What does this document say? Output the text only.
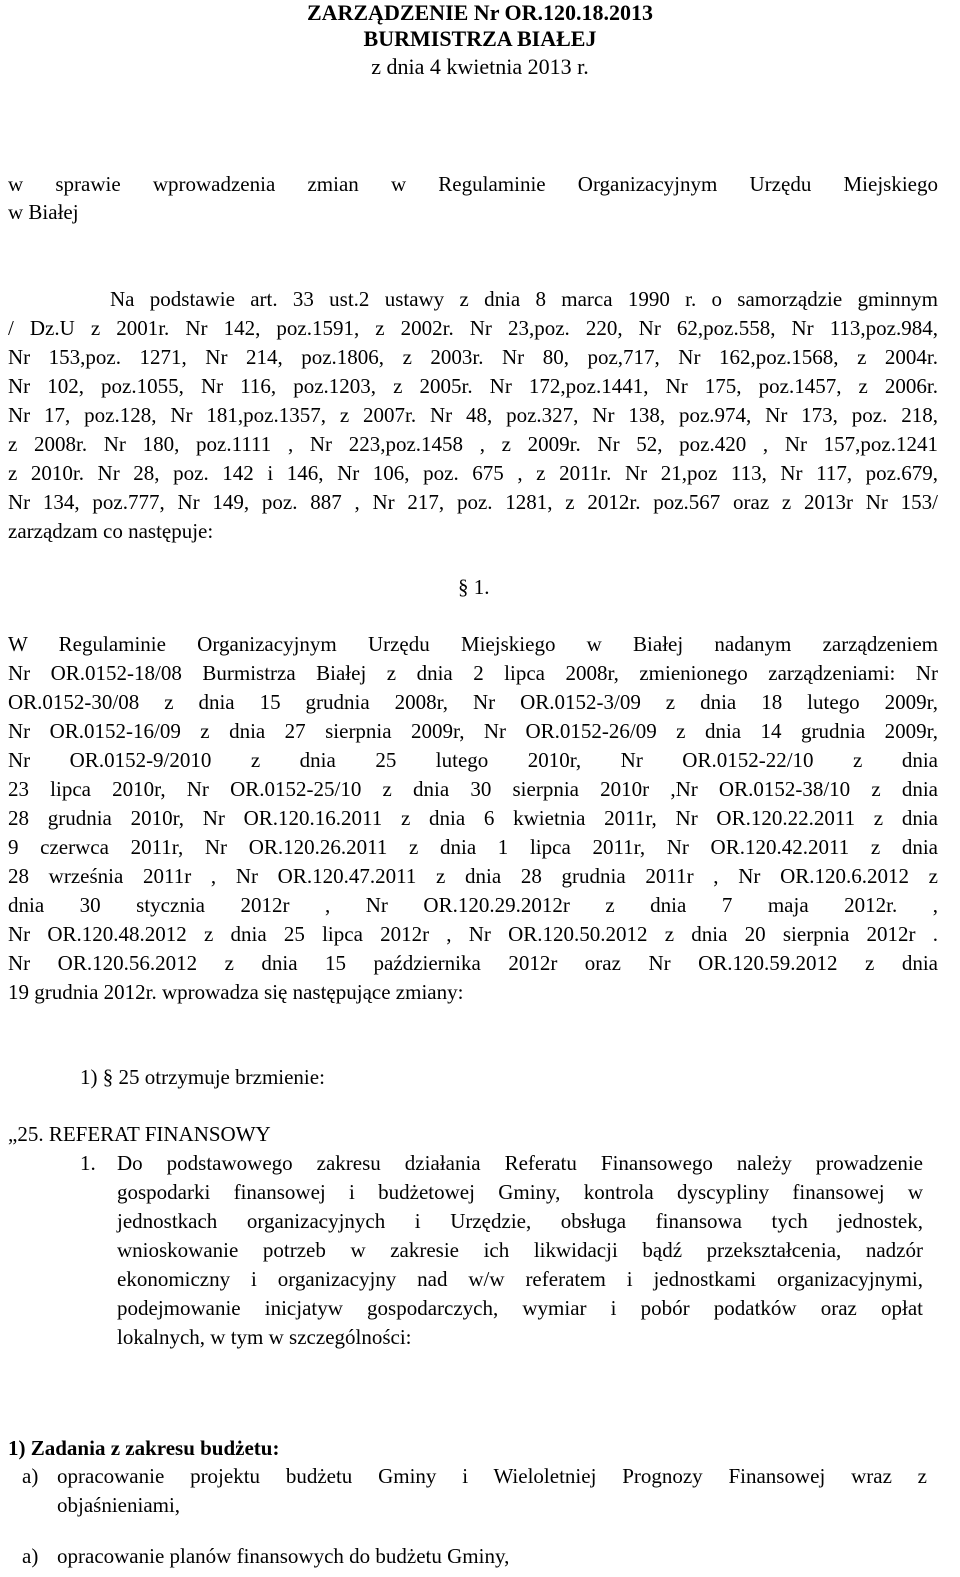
ZARZĄDZENIE Nr OR.120.18.2013

BURMISTRZA BIAŁEJ

z dnia 4 kwietnia 2013 r.

w sprawie wprowadzenia zmian w Regulaminie Organizacyjnym Urzędu Miejskiego

w Białej

Na podstawie art. 33 ust.2 ustawy z dnia 8 marca 1990 r. o samorządzie gminnym

/ Dz.U z 2001r. Nr 142, poz.1591, z 2002r. Nr 23,poz. 220, Nr 62,poz.558, Nr 113,poz.984,

Nr 153,poz. 1271, Nr 214, poz.1806, z 2003r. Nr 80, poz,717, Nr 162,poz.1568, z 2004r.

Nr 102, poz.1055, Nr 116, poz.1203, z 2005r. Nr 172,poz.1441, Nr 175, poz.1457, z 2006r.

Nr 17, poz.128, Nr 181,poz.1357, z 2007r. Nr 48, poz.327, Nr 138, poz.974, Nr 173, poz. 218,

z 2008r. Nr 180, poz.1111 , Nr 223,poz.1458 , z 2009r. Nr 52, poz.420 , Nr 157,poz.1241

z 2010r. Nr 28, poz. 142 i 146, Nr 106, poz. 675 , z 2011r. Nr 21,poz 113, Nr 117, poz.679,

Nr 134, poz.777, Nr 149, poz. 887 , Nr 217, poz. 1281, z 2012r. poz.567 oraz z 2013r Nr 153/

zarządzam co następuje:

§ 1.

W Regulaminie Organizacyjnym Urzędu Miejskiego w Białej nadanym zarządzeniem

Nr OR.0152-18/08 Burmistrza Białej z dnia 2 lipca 2008r, zmienionego zarządzeniami: Nr

OR.0152-30/08 z dnia 15 grudnia 2008r, Nr OR.0152-3/09 z dnia 18 lutego 2009r,

Nr OR.0152-16/09 z dnia 27 sierpnia 2009r, Nr OR.0152-26/09 z dnia 14 grudnia 2009r,

Nr OR.0152-9/2010 z dnia 25 lutego 2010r, Nr OR.0152-22/10 z dnia

23 lipca 2010r, Nr OR.0152-25/10 z dnia 30 sierpnia 2010r ,Nr OR.0152-38/10 z dnia

28 grudnia 2010r, Nr OR.120.16.2011 z dnia 6 kwietnia 2011r, Nr OR.120.22.2011 z dnia

9 czerwca 2011r, Nr OR.120.26.2011 z dnia 1 lipca 2011r, Nr OR.120.42.2011 z dnia

28 września 2011r , Nr OR.120.47.2011 z dnia 28 grudnia 2011r , Nr OR.120.6.2012 z

dnia 30 stycznia 2012r , Nr OR.120.29.2012r z dnia 7 maja 2012r. ,

Nr OR.120.48.2012 z dnia 25 lipca 2012r , Nr OR.120.50.2012 z dnia 20 sierpnia 2012r .

Nr OR.120.56.2012 z dnia 15 października 2012r oraz Nr OR.120.59.2012 z dnia

19 grudnia 2012r. wprowadza się następujące zmiany:

1) § 25 otrzymuje brzmienie:

„25. REFERAT FINANSOWY

1. Do podstawowego zakresu działania Referatu Finansowego należy prowadzenie

gospodarki finansowej i budżetowej Gminy, kontrola dyscypliny finansowej w

jednostkach organizacyjnych i Urzędzie, obsługa finansowa tych jednostek,

wnioskowanie potrzeb w zakresie ich likwidacji bądź przekształcenia, nadzór

ekonomiczny i organizacyjny nad w/w referatem i jednostkami organizacyjnymi,

podejmowanie inicjatyw gospodarczych, wymiar i pobór podatków oraz opłat

lokalnych, w tym w szczególności:

1) Zadania z zakresu budżetu:

a) opracowanie projektu budżetu Gminy i Wieloletniej Prognozy Finansowej wraz z

objaśnieniami,

a) opracowanie planów finansowych do budżetu Gminy,
